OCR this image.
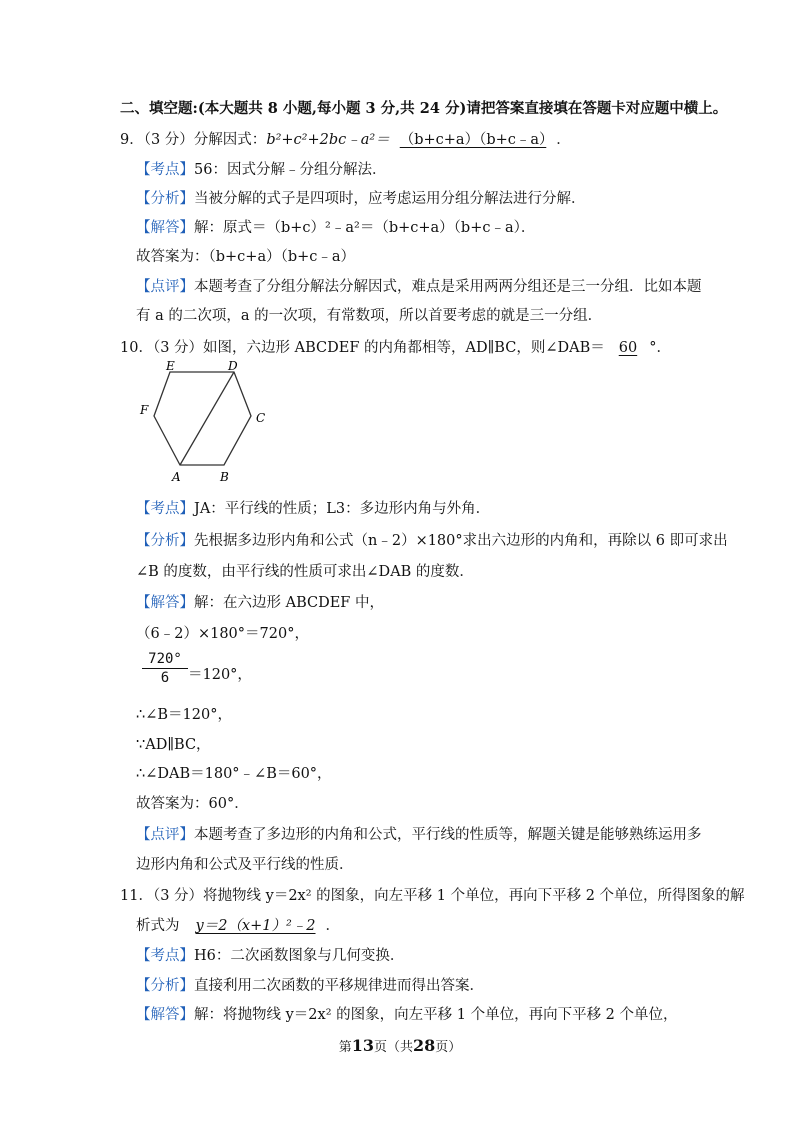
二、填空题:(本大题共 8 小题,每小题 3 分,共 24 分)请把答案直接填在答题卡对应题中横上。
9．（3 分）分解因式：b²+c²+2bc﹣a²＝ （b+c+a）（b+c﹣a） ．
【考点】56：因式分解﹣分组分解法．
【分析】当被分解的式子是四项时，应考虑运用分组分解法进行分解．
【解答】解：原式＝（b+c）²﹣a²＝（b+c+a）（b+c﹣a）．
故答案为：（b+c+a）（b+c﹣a）
【点评】本题考查了分组分解法分解因式，难点是采用两两分组还是三一分组．比如本题
有 a 的二次项，a 的一次项，有常数项，所以首要考虑的就是三一分组．
10．（3 分）如图，六边形 ABCDEF 的内角都相等，AD∥BC，则∠DAB＝ 60 °．
E	D
F
C
A	B
【考点】JA：平行线的性质；L3：多边形内角与外角．
【分析】先根据多边形内角和公式（n﹣2）×180°求出六边形的内角和，再除以 6 即可求出
∠B 的度数，由平行线的性质可求出∠DAB 的度数．
【解答】解：在六边形 ABCDEF 中，
（6﹣2）×180°＝720°，
$\frac{720^\circ}{6} =120^\circ$，
∴∠B＝120°，
∵AD∥BC，
∴∠DAB＝180°﹣∠B＝60°，
故答案为：60°．
【点评】本题考查了多边形的内角和公式，平行线的性质等，解题关键是能够熟练运用多
边形内角和公式及平行线的性质．
11．（3 分）将抛物线 y＝2x² 的图象，向左平移 1 个单位，再向下平移 2 个单位，所得图象的解
析式为 y＝2（x+1）²﹣2 ．
【考点】H6：二次函数图象与几何变换．
【分析】直接利用二次函数的平移规律进而得出答案．
【解答】解：将抛物线 y＝2x² 的图象，向左平移 1 个单位，再向下平移 2 个单位，
第13页（共28页）
